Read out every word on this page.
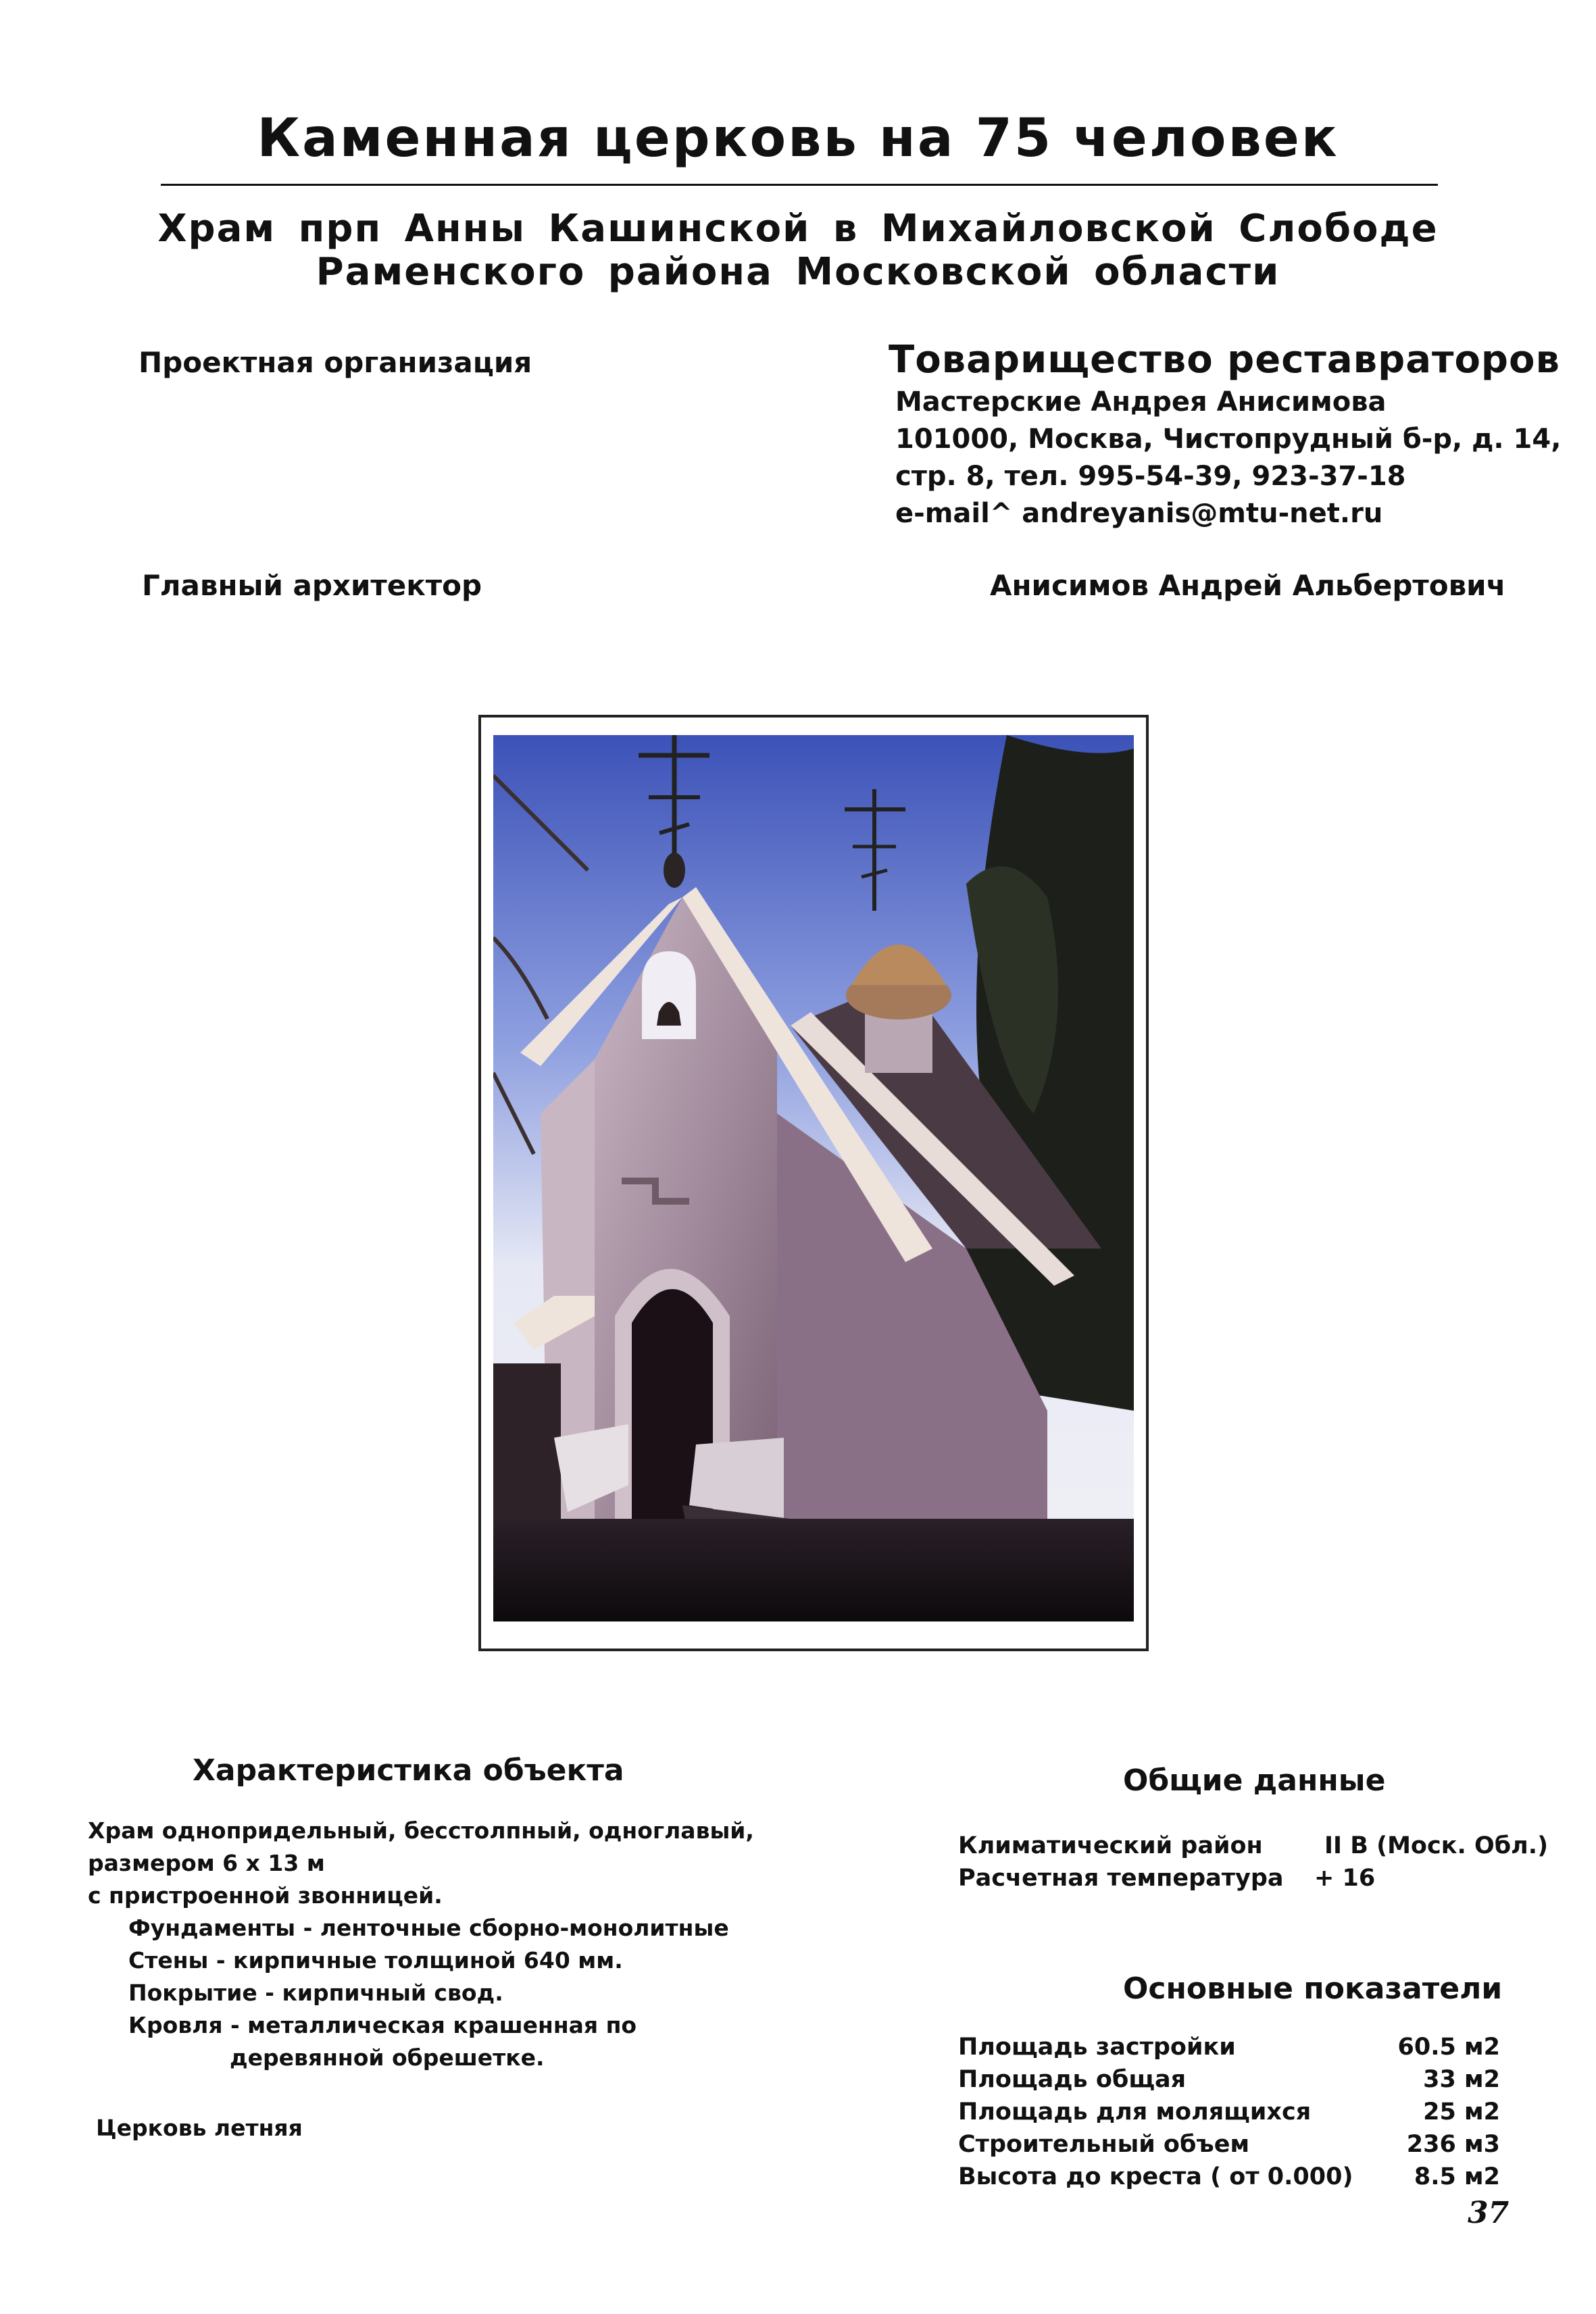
Каменная церковь на 75 человек
Храм прп Анны Кашинской в Михайловской Слободе
Раменского района Московской области
Проектная организация	Товарищество реставраторов
Мастерские Андрея Анисимова
101000, Москва, Чистопрудный б-р, д. 14,
стр. 8, тел. 995-54-39, 923-37-18
e-mail^ andreyanis@mtu-net.ru
Главный архитектор	Анисимов Андрей Альбертович
Характеристика объекта
Храм однопридельный, бесстолпный, одноглавый,
размером 6 х 13 м
с пристроенной звонницей.
Фундаменты - ленточные сборно-монолитные
Стены - кирпичные толщиной 640 мм.
Покрытие - кирпичный свод.
Кровля - металлическая крашенная по
деревянной обрешетке.
Церковь летняя
Общие данные
Климатический район	II В (Моск. Обл.)
Расчетная температура + 16
Основные показатели
Площадь застройки	60.5 м2
Площадь общая	33 м2
Площадь для молящихся	25 м2
Строительный объем	236 м3
Высота до креста ( от 0.000)	8.5 м2
37
